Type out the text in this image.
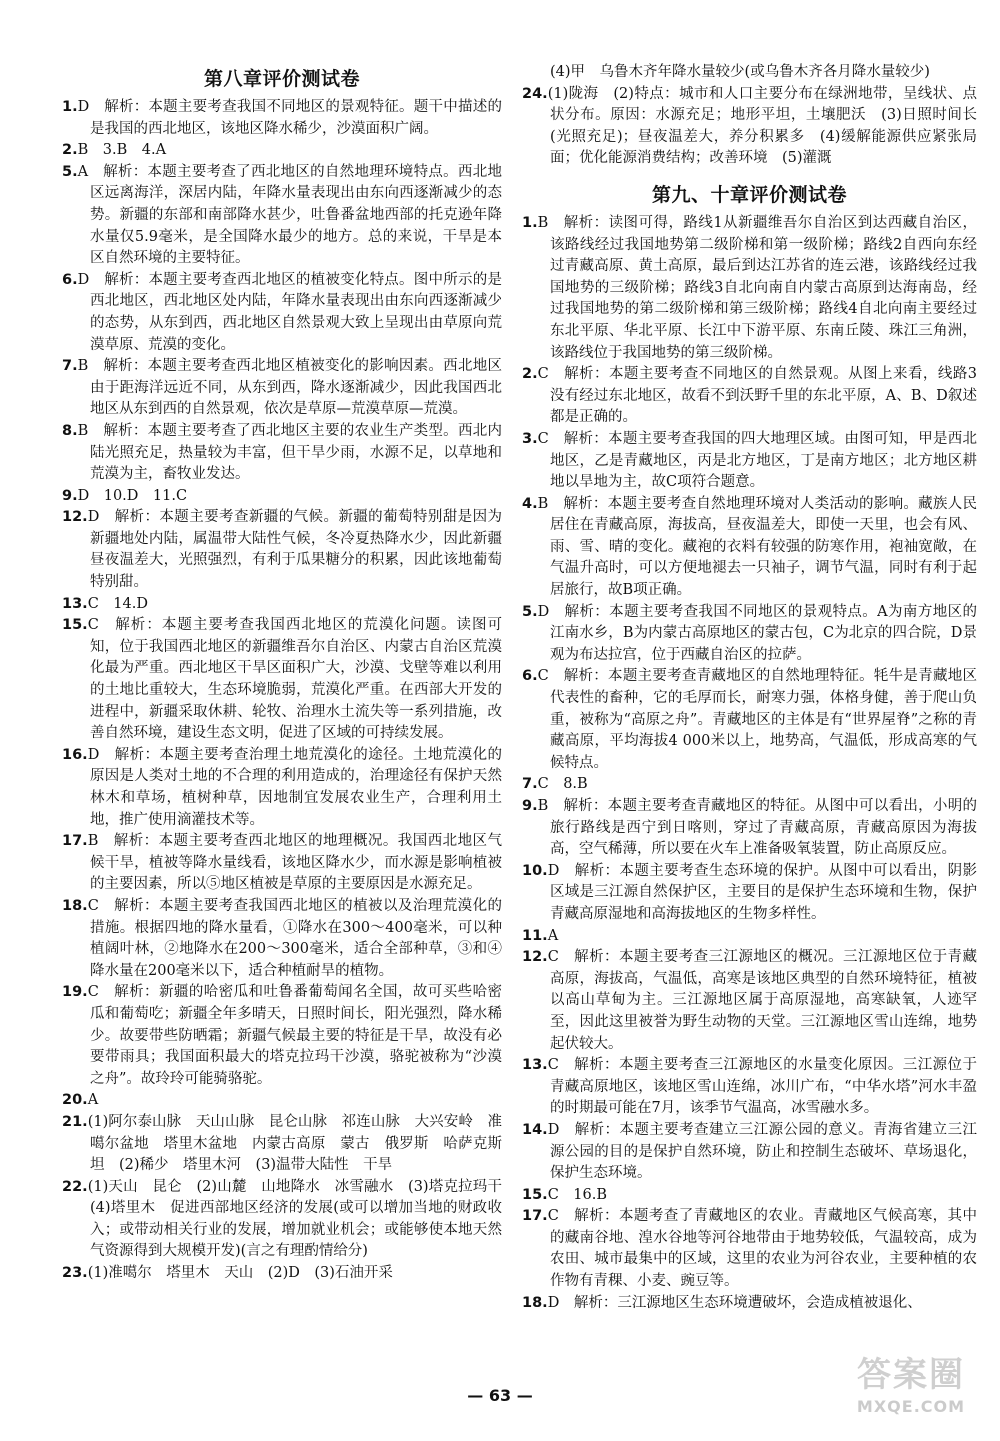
第八章评价测试卷

1.D　解析：本题主要考查我国不同地区的景观特征。题干中描述的是我国的西北地区，该地区降水稀少，沙漠面积广阔。

2.B　3.B　4.A

5.A　解析：本题主要考查了西北地区的自然地理环境特点。西北地区远离海洋，深居内陆，年降水量表现出由东向西逐渐减少的态势。新疆的东部和南部降水甚少，吐鲁番盆地西部的托克逊年降水量仅5.9毫米，是全国降水最少的地方。总的来说，干旱是本区自然环境的主要特征。

6.D　解析：本题主要考查西北地区的植被变化特点。图中所示的是西北地区，西北地区处内陆，年降水量表现出由东向西逐渐减少的态势，从东到西，西北地区自然景观大致上呈现出由草原向荒漠草原、荒漠的变化。

7.B　解析：本题主要考查西北地区植被变化的影响因素。西北地区由于距海洋远近不同，从东到西，降水逐渐减少，因此我国西北地区从东到西的自然景观，依次是草原—荒漠草原—荒漠。

8.B　解析：本题主要考查了西北地区主要的农业生产类型。西北内陆光照充足，热量较为丰富，但干旱少雨，水源不足，以草地和荒漠为主，畜牧业发达。

9.D　10.D　11.C

12.D　解析：本题主要考查新疆的气候。新疆的葡萄特别甜是因为新疆地处内陆，属温带大陆性气候，冬冷夏热降水少，因此新疆昼夜温差大，光照强烈，有利于瓜果糖分的积累，因此该地葡萄特别甜。

13.C　14.D

15.C　解析：本题主要考查我国西北地区的荒漠化问题。读图可知，位于我国西北地区的新疆维吾尔自治区、内蒙古自治区荒漠化最为严重。西北地区干旱区面积广大，沙漠、戈壁等难以利用的土地比重较大，生态环境脆弱，荒漠化严重。在西部大开发的进程中，新疆采取休耕、轮牧、治理水土流失等一系列措施，改善自然环境，建设生态文明，促进了区域的可持续发展。

16.D　解析：本题主要考查治理土地荒漠化的途径。土地荒漠化的原因是人类对土地的不合理的利用造成的，治理途径有保护天然林木和草场，植树种草，因地制宜发展农业生产，合理利用土地，推广使用滴灌技术等。

17.B　解析：本题主要考查西北地区的地理概况。我国西北地区气候干旱，植被等降水量线看，该地区降水少，而水源是影响植被的主要因素，所以⑤地区植被是草原的主要原因是水源充足。

18.C　解析：本题主要考查我国西北地区的植被以及治理荒漠化的措施。根据四地的降水量看，①降水在300～400毫米，可以种植阔叶林，②地降水在200～300毫米，适合全部种草，③和④降水量在200毫米以下，适合种植耐旱的植物。

19.C　解析：新疆的哈密瓜和吐鲁番葡萄闻名全国，故可买些哈密瓜和葡萄吃；新疆全年多晴天，日照时间长，阳光强烈，降水稀少。故要带些防晒霜；新疆气候最主要的特征是干旱，故没有必要带雨具；我国面积最大的塔克拉玛干沙漠，骆驼被称为“沙漠之舟”。故玲玲可能骑骆驼。

20.A

21.(1)阿尔泰山脉　天山山脉　昆仑山脉　祁连山脉　大兴安岭　准噶尔盆地　塔里木盆地　内蒙古高原　蒙古　俄罗斯　哈萨克斯坦　(2)稀少　塔里木河　(3)温带大陆性　干旱

22.(1)天山　昆仑　(2)山麓　山地降水　冰雪融水　(3)塔克拉玛干　(4)塔里木　促进西部地区经济的发展(或可以增加当地的财政收入；或带动相关行业的发展，增加就业机会；或能够使本地天然气资源得到大规模开发)(言之有理酌情给分)

23.(1)准噶尔　塔里木　天山　(2)D　(3)石油开采

(4)甲　乌鲁木齐年降水量较少(或乌鲁木齐各月降水量较少)

24.(1)陇海　(2)特点：城市和人口主要分布在绿洲地带，呈线状、点状分布。原因：水源充足；地形平坦，土壤肥沃　(3)日照时间长(光照充足)；昼夜温差大，养分积累多　(4)缓解能源供应紧张局面；优化能源消费结构；改善环境　(5)灌溉

第九、十章评价测试卷

1.B　解析：读图可得，路线1从新疆维吾尔自治区到达西藏自治区，该路线经过我国地势第二级阶梯和第一级阶梯；路线2自西向东经过青藏高原、黄土高原，最后到达江苏省的连云港，该路线经过我国地势的三级阶梯；路线3自北向南自内蒙古高原到达海南岛，经过我国地势的第二级阶梯和第三级阶梯；路线4自北向南主要经过东北平原、华北平原、长江中下游平原、东南丘陵、珠江三角洲，该路线位于我国地势的第三级阶梯。

2.C　解析：本题主要考查不同地区的自然景观。从图上来看，线路3没有经过东北地区，故看不到沃野千里的东北平原，A、B、D叙述都是正确的。

3.C　解析：本题主要考查我国的四大地理区域。由图可知，甲是西北地区，乙是青藏地区，丙是北方地区，丁是南方地区；北方地区耕地以旱地为主，故C项符合题意。

4.B　解析：本题主要考查自然地理环境对人类活动的影响。藏族人民居住在青藏高原，海拔高，昼夜温差大，即使一天里，也会有风、雨、雪、晴的变化。藏袍的衣料有较强的防寒作用，袍袖宽敞，在气温升高时，可以方便地褪去一只袖子，调节气温，同时有利于起居旅行，故B项正确。

5.D　解析：本题主要考查我国不同地区的景观特点。A为南方地区的江南水乡，B为内蒙古高原地区的蒙古包，C为北京的四合院，D景观为布达拉宫，位于西藏自治区的拉萨。

6.C　解析：本题主要考查青藏地区的自然地理特征。牦牛是青藏地区代表性的畜种，它的毛厚而长，耐寒力强，体格身健，善于爬山负重，被称为“高原之舟”。青藏地区的主体是有“世界屋脊”之称的青藏高原，平均海拔4 000米以上，地势高，气温低，形成高寒的气候特点。

7.C　8.B

9.B　解析：本题主要考查青藏地区的特征。从图中可以看出，小明的旅行路线是西宁到日喀则，穿过了青藏高原，青藏高原因为海拔高，空气稀薄，所以要在火车上准备吸氧装置，防止高原反应。

10.D　解析：本题主要考查生态环境的保护。从图中可以看出，阴影区域是三江源自然保护区，主要目的是保护生态环境和生物，保护青藏高原湿地和高海拔地区的生物多样性。

11.A

12.C　解析：本题主要考查三江源地区的概况。三江源地区位于青藏高原，海拔高，气温低，高寒是该地区典型的自然环境特征，植被以高山草甸为主。三江源地区属于高原湿地，高寒缺氧，人迹罕至，因此这里被誉为野生动物的天堂。三江源地区雪山连绵，地势起伏较大。

13.C　解析：本题主要考查三江源地区的水量变化原因。三江源位于青藏高原地区，该地区雪山连绵，冰川广布，“中华水塔”河水丰盈的时期最可能在7月，该季节气温高，冰雪融水多。

14.D　解析：本题主要考查建立三江源公园的意义。青海省建立三江源公园的目的是保护自然环境，防止和控制生态破坏、草场退化，保护生态环境。

15.C　16.B

17.C　解析：本题考查了青藏地区的农业。青藏地区气候高寒，其中的藏南谷地、湟水谷地等河谷地带由于地势较低，气温较高，成为农田、城市最集中的区域，这里的农业为河谷农业，主要种植的农作物有青稞、小麦、豌豆等。

18.D　解析：三江源地区生态环境遭破坏，会造成植被退化、

— 63 —
答案圈
MXQE.COM
